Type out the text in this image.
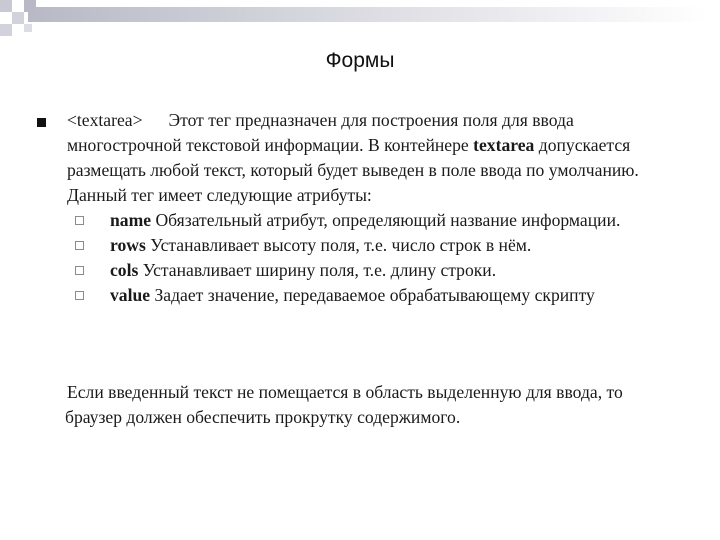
Формы
<textarea> Этот тег предназначен для построения поля для ввода многострочной текстовой информации. В контейнере textarea допускается размещать любой текст, который будет выведен в поле ввода по умолчанию. Данный тег имеет следующие атрибуты:
name Обязательный атрибут, определяющий название информации.
rows Устанавливает высоту поля, т.е. число строк в нём.
cols Устанавливает ширину поля, т.е. длину строки.
value Задает значение, передаваемое обрабатывающему скрипту
Если введенный текст не помещается в область выделенную для ввода, то браузер должен обеспечить прокрутку содержимого.
